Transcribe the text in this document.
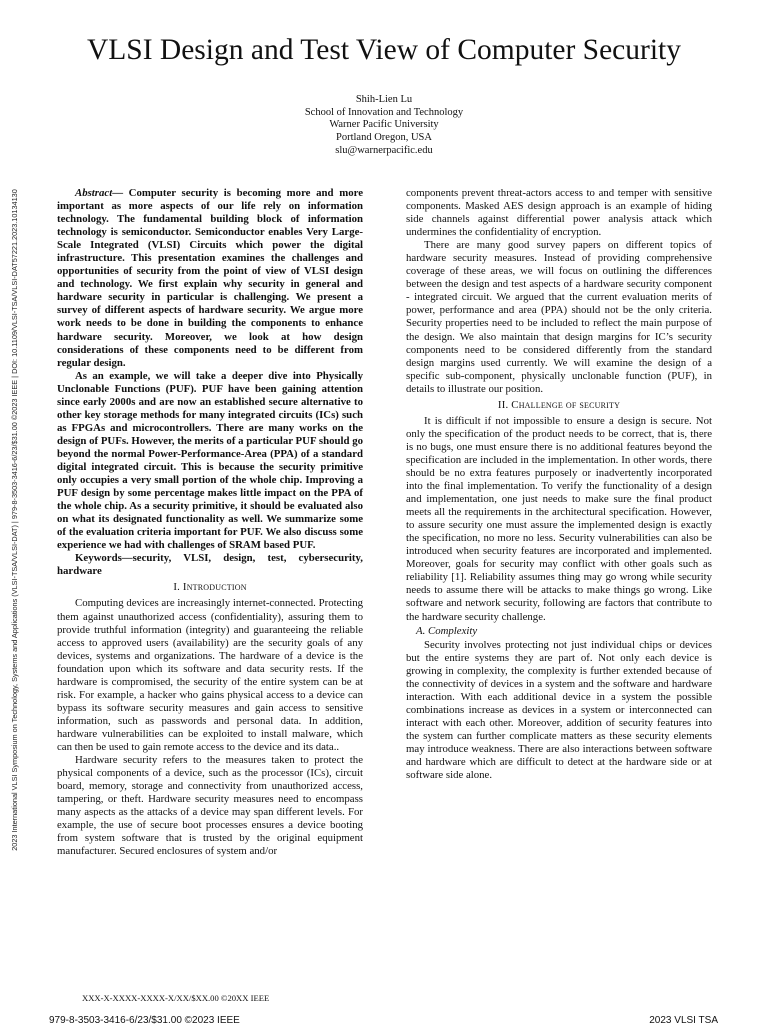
2023 International VLSI Symposium on Technology, Systems and Applications (VLSI-TSA/VLSI-DAT) | 979-8-3503-3416-6/23/$31.00 ©2023 IEEE | DOI: 10.1109/VLSI-TSA/VLSI-DAT57221.2023.10134130
VLSI Design and Test View of Computer Security
Shih-Lien Lu
School of Innovation and Technology
Warner Pacific University
Portland Oregon, USA
slu@warnerpacific.edu

Abstract— Computer security is becoming more and more important as more aspects of our life rely on information technology. The fundamental building block of information technology is semiconductor. Semiconductor enables Very Large-Scale Integrated (VLSI) Circuits which power the digital infrastructure. This presentation examines the challenges and opportunities of security from the point of view of VLSI design and technology. We first explain why security in general and hardware security in particular is challenging. We present a survey of different aspects of hardware security. We argue more work needs to be done in building the components to enhance hardware security. Moreover, we look at how design considerations of these components need to be different from regular design.

As an example, we will take a deeper dive into Physically Unclonable Functions (PUF). PUF have been gaining attention since early 2000s and are now an established secure alternative to other key storage methods for many integrated circuits (ICs) such as FPGAs and microcontrollers. There are many works on the design of PUFs. However, the merits of a particular PUF should go beyond the normal Power-Performance-Area (PPA) of a standard digital integrated circuit. This is because the security primitive only occupies a very small portion of the whole chip. Improving a PUF design by some percentage makes little impact on the PPA of the whole chip. As a security primitive, it should be evaluated also on what its designated functionality as well. We summarize some of the evaluation criteria important for PUF. We also discuss some experience we had with challenges of SRAM based PUF.

Keywords—security, VLSI, design, test, cybersecurity, hardware

I. Introduction

Computing devices are increasingly internet-connected. Protecting them against unauthorized access (confidentiality), assuring them to provide truthful information (integrity) and guaranteeing the reliable access to approved users (availability) are the security goals of any devices, systems and organizations. The hardware of a device is the foundation upon which its software and data security rests. If the hardware is compromised, the security of the entire system can be at risk. For example, a hacker who gains physical access to a device can bypass its software security measures and gain access to sensitive information, such as passwords and personal data. In addition, hardware vulnerabilities can be exploited to install malware, which can then be used to gain remote access to the device and its data..

Hardware security refers to the measures taken to protect the physical components of a device, such as the processor (ICs), circuit board, memory, storage and connectivity from unauthorized access, tampering, or theft. Hardware security measures need to encompass many aspects as the attacks of a device may span different levels. For example, the use of secure boot processes ensures a device booting from system software that is trusted by the original equipment manufacturer. Secured enclosures of system and/or

components prevent threat-actors access to and temper with sensitive components. Masked AES design approach is an example of hiding side channels against differential power analysis attack which undermines the confidentiality of encryption.

There are many good survey papers on different topics of hardware security measures. Instead of providing comprehensive coverage of these areas, we will focus on outlining the differences between the design and test aspects of a hardware security component - integrated circuit. We argued that the current evaluation merits of power, performance and area (PPA) should not be the only criteria. Security properties need to be included to reflect the main purpose of the design. We also maintain that design margins for IC’s security components need to be considered differently from the standard design margins used currently. We will examine the design of a specific sub-component, physically unclonable function (PUF), in details to illustrate our position.

II. Challenge of security

It is difficult if not impossible to ensure a design is secure. Not only the specification of the product needs to be correct, that is, there is no bugs, one must ensure there is no additional features beyond the specification are included in the implementation. In other words, there should be no extra features purposely or inadvertently incorporated into the final implementation. To verify the functionality of a design and implementation, one just needs to make sure the final product meets all the requirements in the architectural specification. However, to assure security one must assure the implemented design is exactly the specification, no more no less. Security vulnerabilities can also be introduced when security features are incorporated and implemented. Moreover, goals for security may conflict with other goals such as reliability [1]. Reliability assumes thing may go wrong while security needs to assume there will be attacks to make things go wrong. Like software and network security, following are factors that contribute to the hardware security challenge.

A. Complexity

Security involves protecting not just individual chips or devices but the entire systems they are part of. Not only each device is growing in complexity, the complexity is further extended because of the connectivity of devices in a system and the software and hardware interaction. With each additional device in a system the possible combinations increase as devices in a system or interconnected can interact with each other. Moreover, addition of security features into the system can further complicate matters as these security elements may introduce weakness. There are also interactions between software and hardware which are difficult to detect at the hardware side or at software side alone.

XXX-X-XXXX-XXXX-X/XX/$XX.00 ©20XX IEEE
979-8-3503-3416-6/23/$31.00 ©2023 IEEE	2023 VLSI TSA
